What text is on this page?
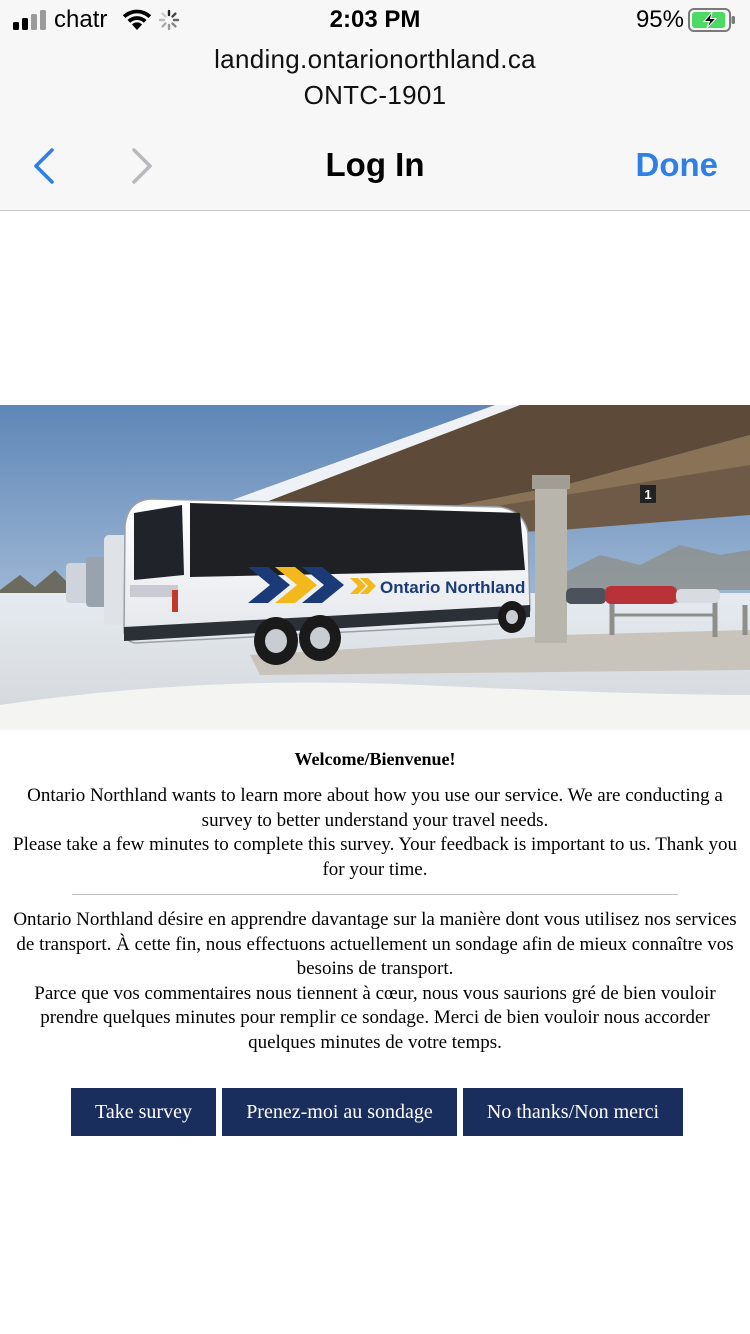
chatr	2:03 PM	95%
landing.ontarionorthland.ca
ONTC-1901
Log In	Done
1
Ontario Northland

Welcome/Bienvenue!

Ontario Northland wants to learn more about how you use our service. We are conducting a survey to better understand your travel needs.

Please take a few minutes to complete this survey. Your feedback is important to us. Thank you for your time.

Ontario Northland désire en apprendre davantage sur la manière dont vous utilisez nos services de transport. À cette fin, nous effectuons actuellement un sondage afin de mieux connaître vos besoins de transport.

Parce que vos commentaires nous tiennent à cœur, nous vous saurions gré de bien vouloir prendre quelques minutes pour remplir ce sondage. Merci de bien vouloir nous accorder quelques minutes de votre temps.

Take survey	Prenez-moi au sondage	No thanks/Non merci
